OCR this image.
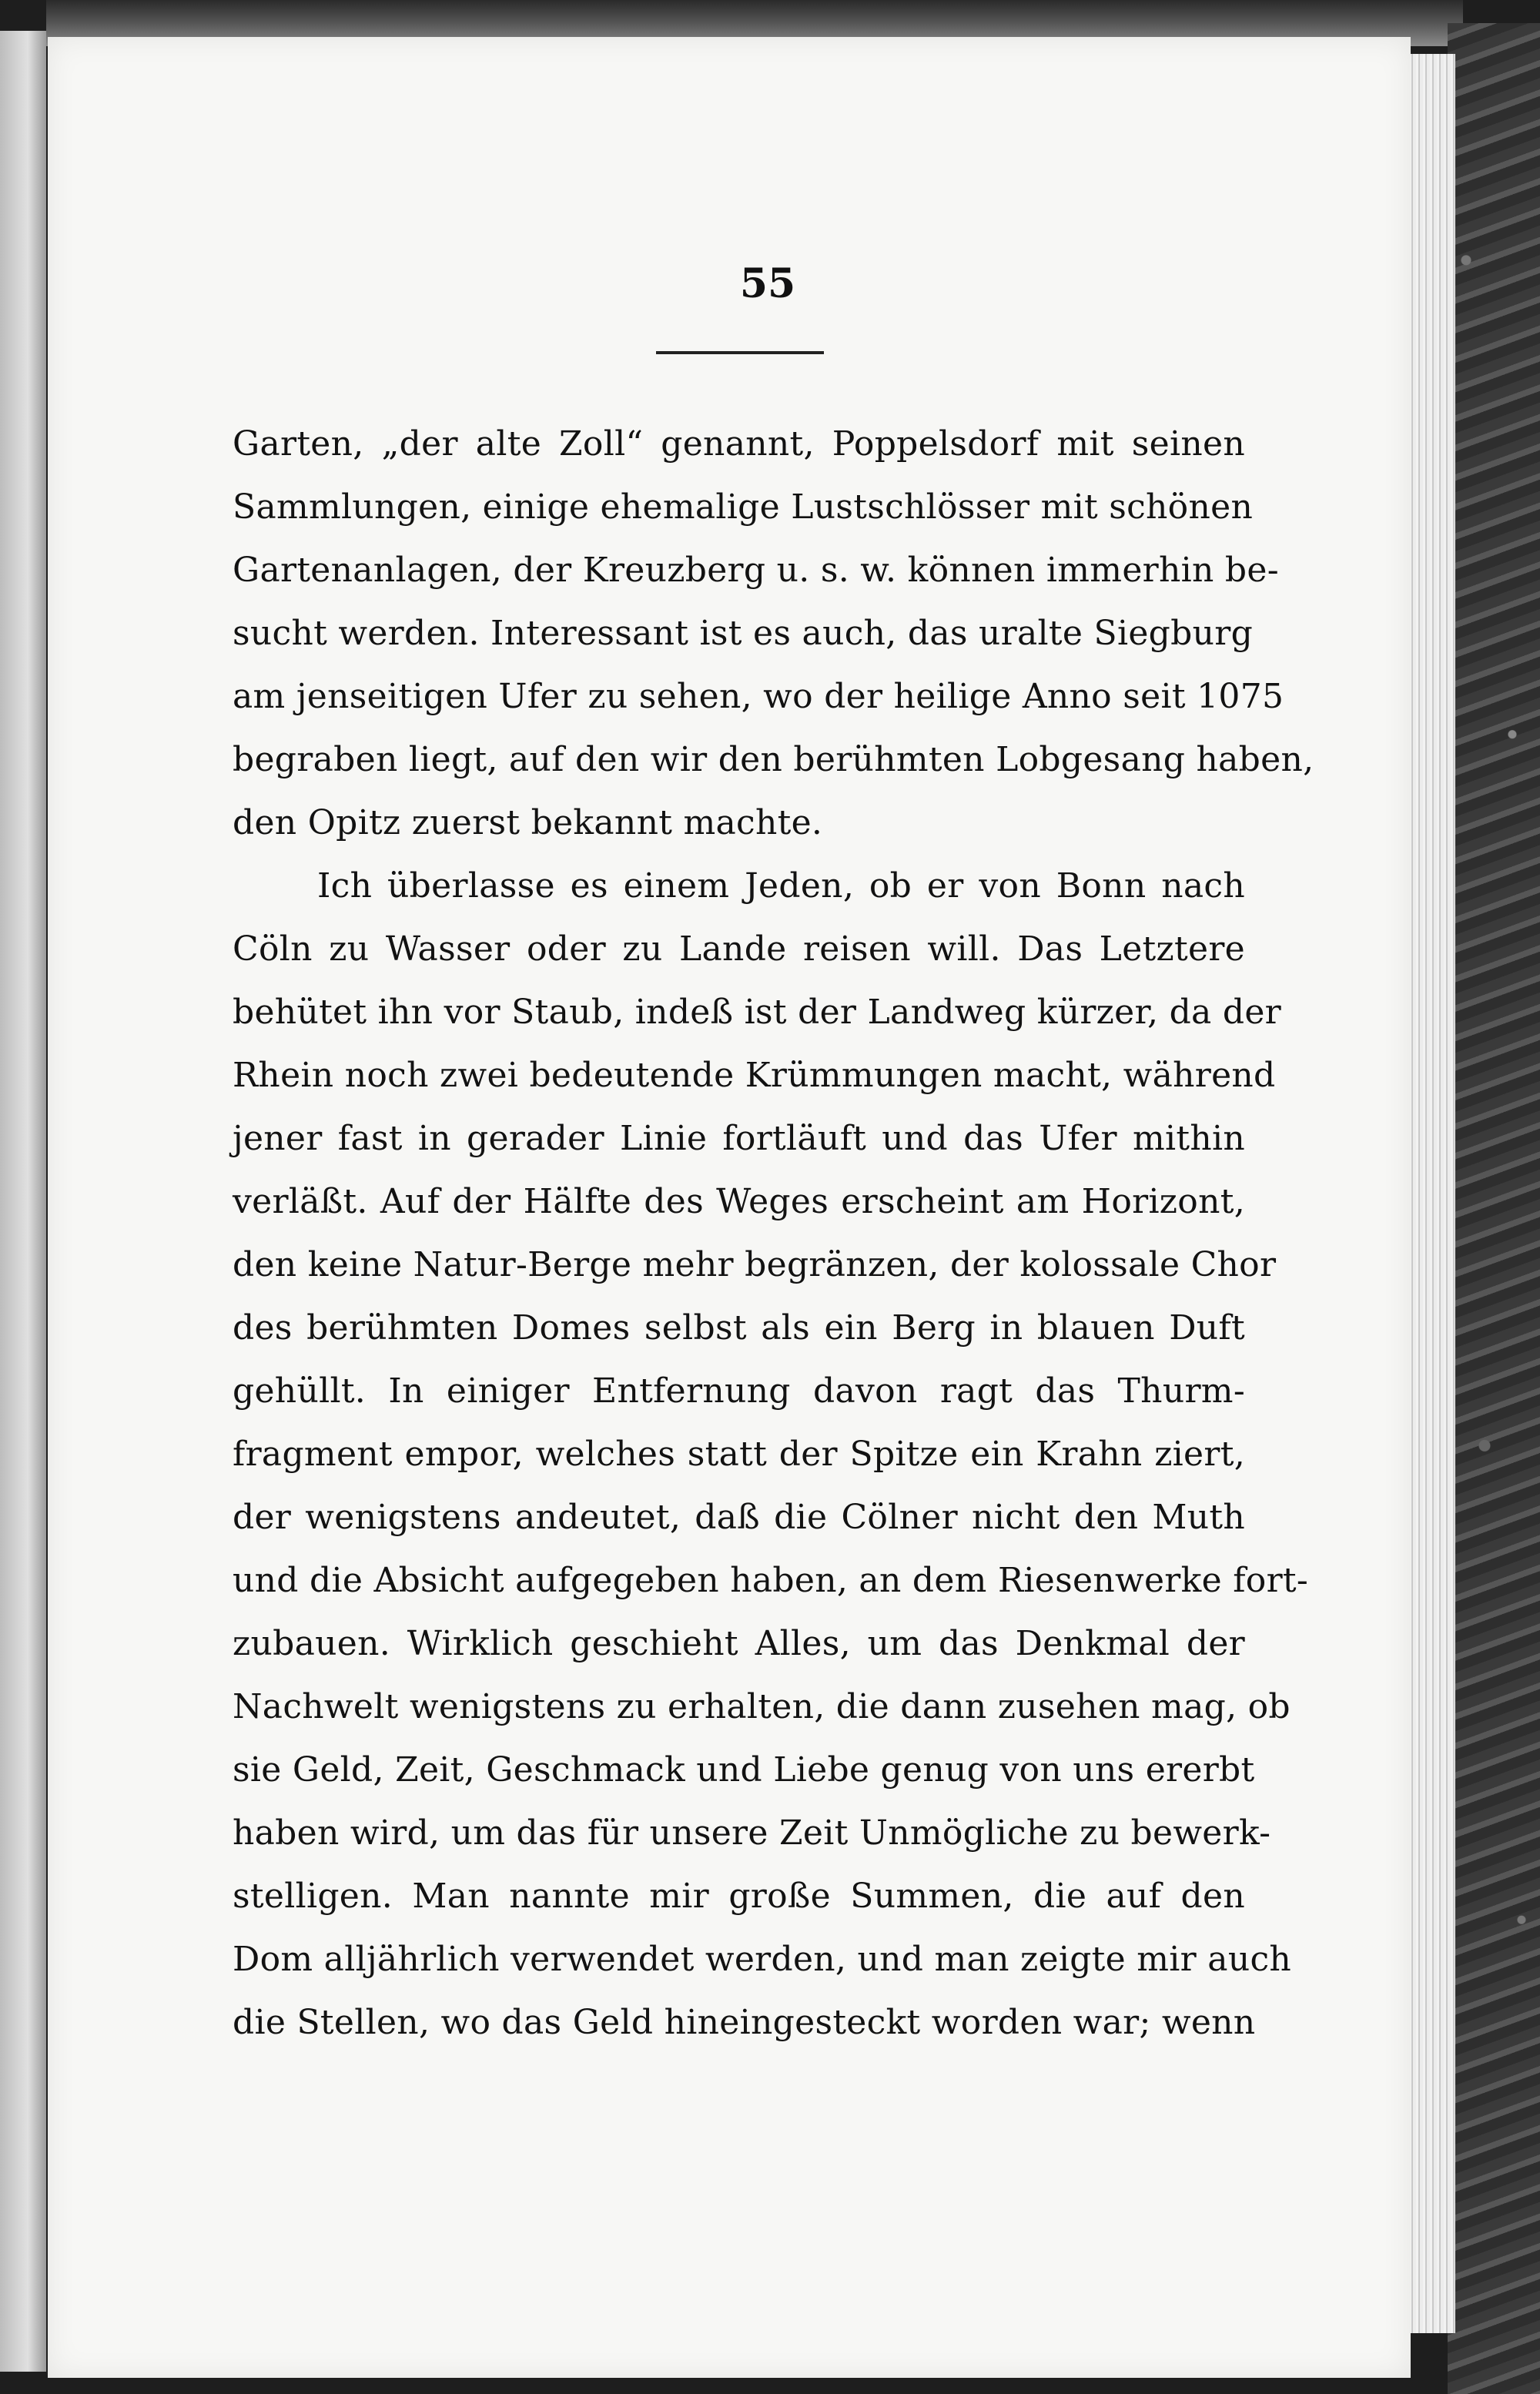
55

Garten, „der alte Zoll“ genannt, Poppelsdorf mit seinen
Sammlungen, einige ehemalige Lustschlösser mit schönen
Gartenanlagen, der Kreuzberg u. s. w. können immerhin be-
sucht werden. Interessant ist es auch, das uralte Siegburg
am jenseitigen Ufer zu sehen, wo der heilige Anno seit 1075
begraben liegt, auf den wir den berühmten Lobgesang haben,
den Opitz zuerst bekannt machte.
Ich überlasse es einem Jeden, ob er von Bonn nach
Cöln zu Wasser oder zu Lande reisen will. Das Letztere
behütet ihn vor Staub, indeß ist der Landweg kürzer, da der
Rhein noch zwei bedeutende Krümmungen macht, während
jener fast in gerader Linie fortläuft und das Ufer mithin
verläßt. Auf der Hälfte des Weges erscheint am Horizont,
den keine Natur-Berge mehr begränzen, der kolossale Chor
des berühmten Domes selbst als ein Berg in blauen Duft
gehüllt. In einiger Entfernung davon ragt das Thurm-
fragment empor, welches statt der Spitze ein Krahn ziert,
der wenigstens andeutet, daß die Cölner nicht den Muth
und die Absicht aufgegeben haben, an dem Riesenwerke fort-
zubauen. Wirklich geschieht Alles, um das Denkmal der
Nachwelt wenigstens zu erhalten, die dann zusehen mag, ob
sie Geld, Zeit, Geschmack und Liebe genug von uns ererbt
haben wird, um das für unsere Zeit Unmögliche zu bewerk-
stelligen. Man nannte mir große Summen, die auf den
Dom alljährlich verwendet werden, und man zeigte mir auch
die Stellen, wo das Geld hineingesteckt worden war; wenn
